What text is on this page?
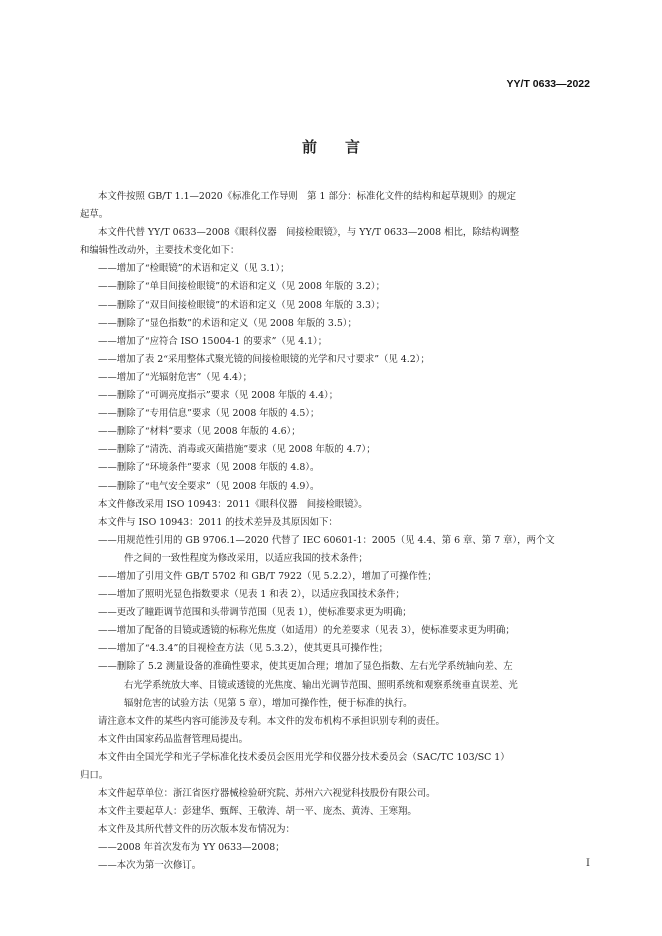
YY/T 0633—2022
前言

本文件按照 GB/T 1.1—2020《标准化工作导则　第 1 部分：标准化文件的结构和起草规则》的规定

起草。

本文件代替 YY/T 0633—2008《眼科仪器　间接检眼镜》，与 YY/T 0633—2008 相比，除结构调整

和编辑性改动外，主要技术变化如下：

——增加了“检眼镜”的术语和定义（见 3.1）；

——删除了“单目间接检眼镜”的术语和定义（见 2008 年版的 3.2）；

——删除了“双目间接检眼镜”的术语和定义（见 2008 年版的 3.3）；

——删除了“显色指数”的术语和定义（见 2008 年版的 3.5）；

——增加了“应符合 ISO 15004-1 的要求”（见 4.1）；

——增加了表 2“采用整体式聚光镜的间接检眼镜的光学和尺寸要求”（见 4.2）；

——增加了“光辐射危害”（见 4.4）；

——删除了“可调亮度指示”要求（见 2008 年版的 4.4）；

——删除了“专用信息”要求（见 2008 年版的 4.5）；

——删除了“材料”要求（见 2008 年版的 4.6）；

——删除了“清洗、消毒或灭菌措施”要求（见 2008 年版的 4.7）；

——删除了“环境条件”要求（见 2008 年版的 4.8）。

——删除了“电气安全要求”（见 2008 年版的 4.9）。

本文件修改采用 ISO 10943：2011《眼科仪器　间接检眼镜》。

本文件与 ISO 10943：2011 的技术差异及其原因如下：

——用规范性引用的 GB 9706.1—2020 代替了 IEC 60601-1：2005（见 4.4、第 6 章、第 7 章），两个文

件之间的一致性程度为修改采用，以适应我国的技术条件；

——增加了引用文件 GB/T 5702 和 GB/T 7922（见 5.2.2），增加了可操作性；

——增加了照明光显色指数要求（见表 1 和表 2），以适应我国技术条件；

——更改了瞳距调节范围和头带调节范围（见表 1），使标准要求更为明确；

——增加了配备的目镜或透镜的标称光焦度（如适用）的允差要求（见表 3），使标准要求更为明确；

——增加了“4.3.4”的目视检查方法（见 5.3.2），使其更具可操作性；

——删除了 5.2 测量设备的准确性要求，使其更加合理；增加了显色指数、左右光学系统轴向差、左

右光学系统放大率、目镜或透镜的光焦度、输出光调节范围、照明系统和观察系统垂直误差、光

辐射危害的试验方法（见第 5 章），增加可操作性，便于标准的执行。

请注意本文件的某些内容可能涉及专利。本文件的发布机构不承担识别专利的责任。

本文件由国家药品监督管理局提出。

本文件由全国光学和光子学标准化技术委员会医用光学和仪器分技术委员会（SAC/TC 103/SC 1）

归口。

本文件起草单位：浙江省医疗器械检验研究院、苏州六六视觉科技股份有限公司。

本文件主要起草人：彭建华、甄辉、王敬涛、胡一平、庞杰、黄涛、王寒翔。

本文件及其所代替文件的历次版本发布情况为：

——2008 年首次发布为 YY 0633—2008；

——本次为第一次修订。	I
